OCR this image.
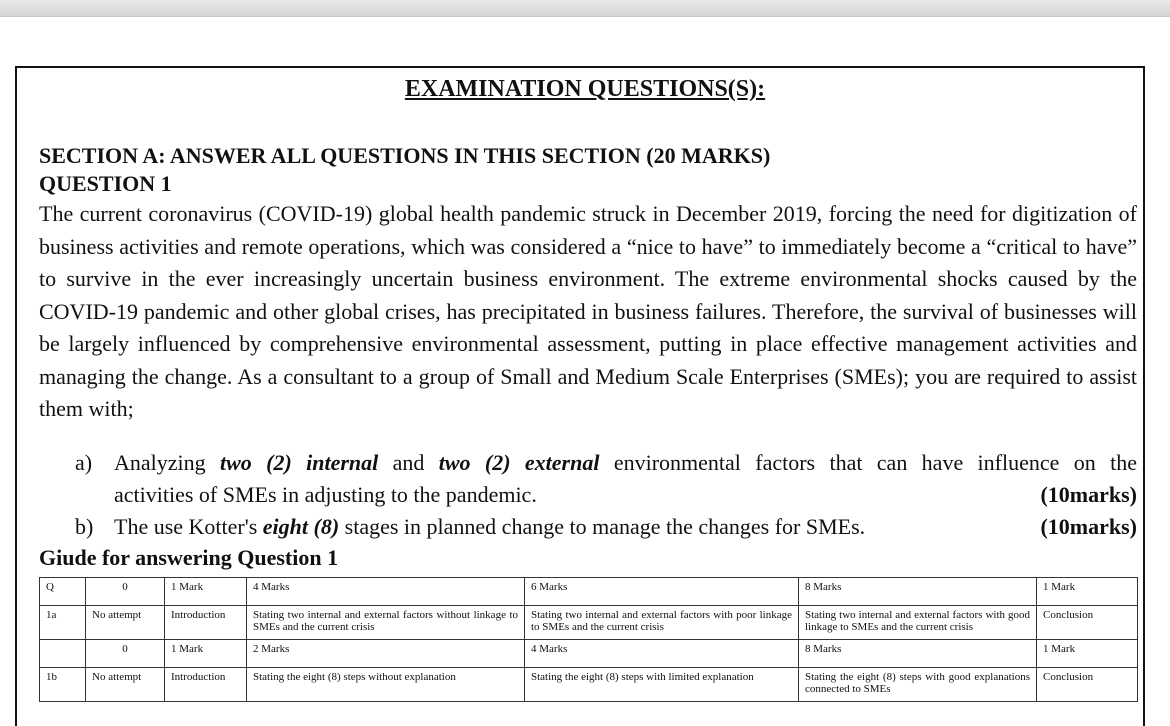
EXAMINATION QUESTIONS(S):
SECTION A: ANSWER ALL QUESTIONS IN THIS SECTION (20 MARKS)
QUESTION 1
The current coronavirus (COVID-19) global health pandemic struck in December 2019, forcing the need for digitization of business activities and remote operations, which was considered a “nice to have” to immediately become a “critical to have” to survive in the ever increasingly uncertain business environment. The extreme environmental shocks caused by the COVID-19 pandemic and other global crises, has precipitated in business failures. Therefore, the survival of businesses will be largely influenced by comprehensive environmental assessment, putting in place effective management activities and managing the change. As a consultant to a group of Small and Medium Scale Enterprises (SMEs); you are required to assist them with;
a) Analyzing two (2) internal and two (2) external environmental factors that can have influence on the
activities of SMEs in adjusting to the pandemic.	(10marks)
b) The use Kotter's eight (8) stages in planned change to manage the changes for SMEs.	(10marks)
Giude for answering Question 1
Q	0	1 Mark	4 Marks	6 Marks	8 Marks	1 Mark
1a	No attempt	Introduction	Stating two internal and external factors without linkage to SMEs and the current crisis	Stating two internal and external factors with poor linkage to SMEs and the current crisis	Stating two internal and external factors with good linkage to SMEs and the current crisis	Conclusion
	0	1 Mark	2 Marks	4 Marks	8 Marks	1 Mark
1b	No attempt	Introduction	Stating the eight (8) steps without explanation	Stating the eight (8) steps with limited explanation	Stating the eight (8) steps with good explanations connected to SMEs	Conclusion
